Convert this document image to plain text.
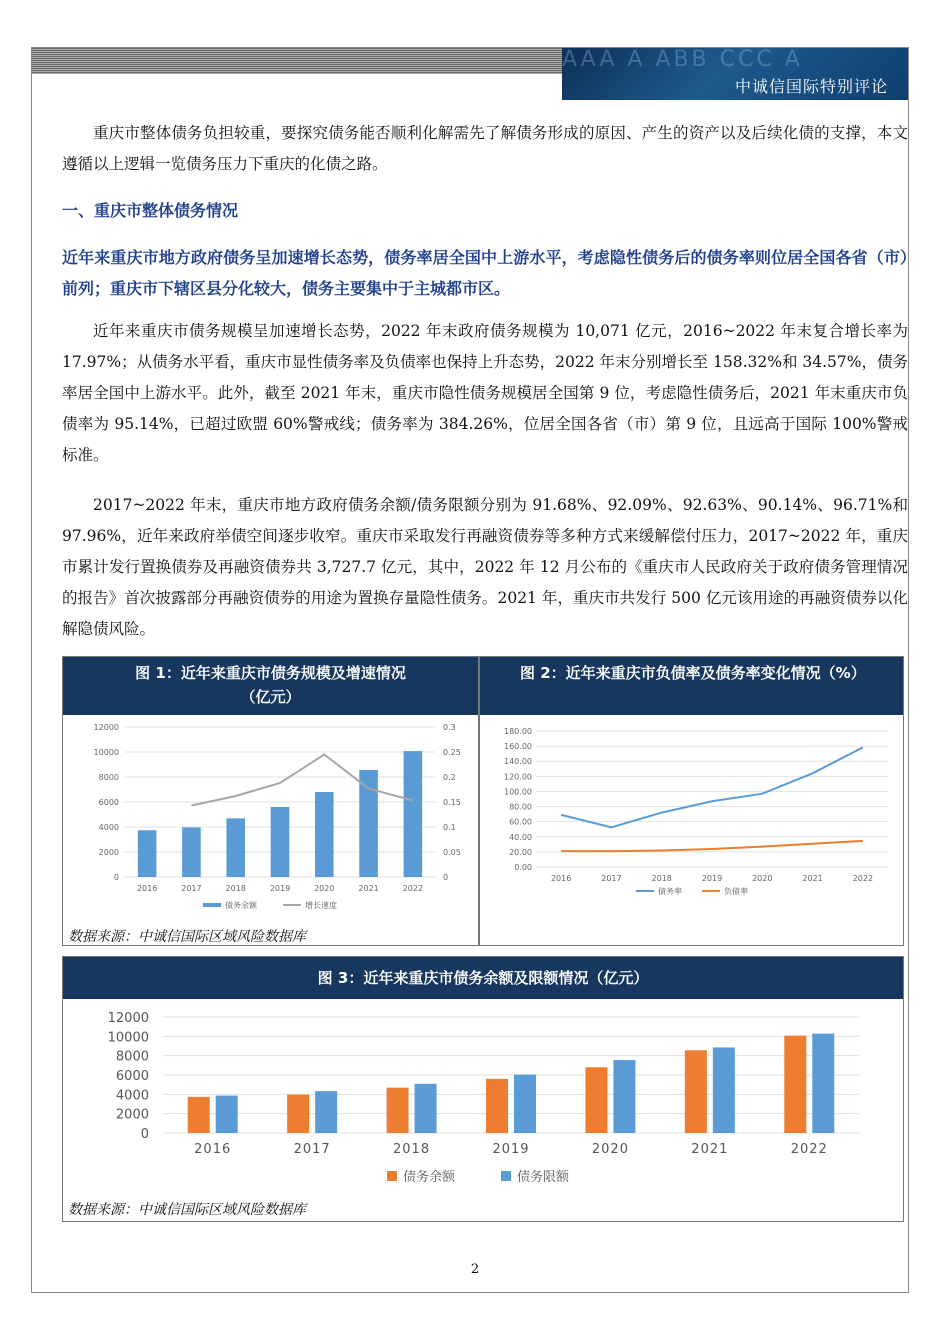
AAA A ABB CCC A
中诚信国际特别评论
重庆市整体债务负担较重，要探究债务能否顺利化解需先了解债务形成的原因、产生的资产以及后续化债的支撑，本文遵循以上逻辑一览债务压力下重庆的化债之路。
一、重庆市整体债务情况
近年来重庆市地方政府债务呈加速增长态势，债务率居全国中上游水平，考虑隐性债务后的债务率则位居全国各省（市）前列；重庆市下辖区县分化较大，债务主要集中于主城都市区。
近年来重庆市债务规模呈加速增长态势，2022 年末政府债务规模为 10,071 亿元，2016~2022 年末复合增长率为 17.97%；从债务水平看，重庆市显性债务率及负债率也保持上升态势，2022 年末分别增长至 158.32%和 34.57%，债务率居全国中上游水平。此外，截至 2021 年末，重庆市隐性债务规模居全国第 9 位，考虑隐性债务后，2021 年末重庆市负债率为 95.14%，已超过欧盟 60%警戒线；债务率为 384.26%，位居全国各省（市）第 9 位，且远高于国际 100%警戒标准。
2017~2022 年末，重庆市地方政府债务余额/债务限额分别为 91.68%、92.09%、92.63%、90.14%、96.71%和 97.96%，近年来政府举债空间逐步收窄。重庆市采取发行再融资债券等多种方式来缓解偿付压力，2017~2022 年，重庆市累计发行置换债券及再融资债券共 3,727.7 亿元，其中，2022 年 12 月公布的《重庆市人民政府关于政府债务管理情况的报告》首次披露部分再融资债券的用途为置换存量隐性债务。2021 年，重庆市共发行 500 亿元该用途的再融资债券以化解隐债风险。
图 1：近年来重庆市债务规模及增速情况（亿元）
0
2000
4000
6000
8000
10000
12000
0
0.05
0.1
0.15
0.2
0.25
0.3
2016	2017	2018	2019	2020	2021	2022
债务余额	增长速度
图 2：近年来重庆市负债率及债务率变化情况（%）
0.00
20.00
40.00
60.00
80.00
100.00
120.00
140.00
160.00
180.00
2016	2017	2018	2019	2020	2021	2022
债务率	负债率
数据来源：中诚信国际区域风险数据库
图 3：近年来重庆市债务余额及限额情况（亿元）
0
2000
4000
6000
8000
10000
12000
2016	2017	2018	2019	2020	2021	2022
债务余额	债务限额
数据来源：中诚信国际区域风险数据库
2
